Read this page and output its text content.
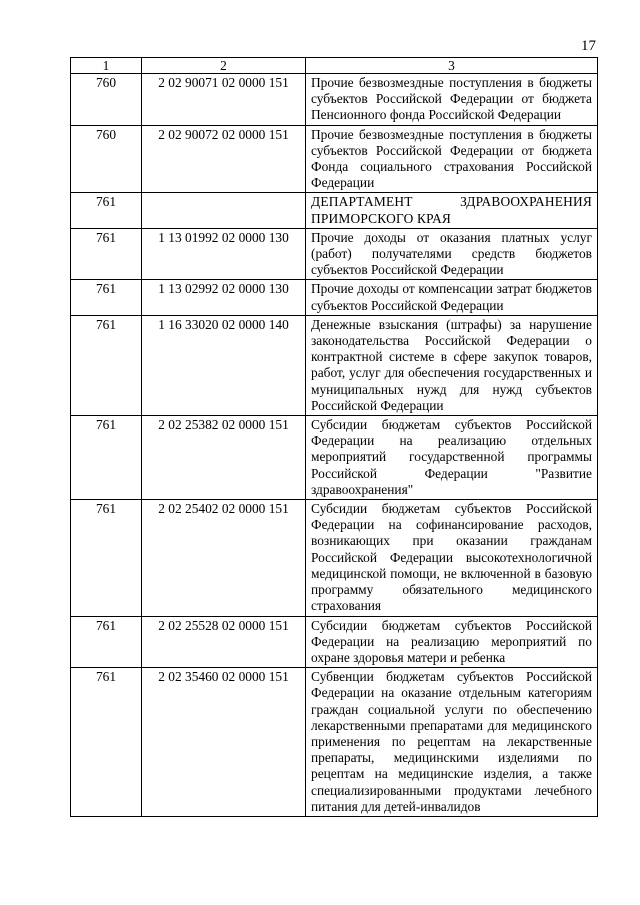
17
1	2	3
760	2 02 90071 02 0000 151	Прочие безвозмездные поступления в бюджеты субъектов Российской Федерации от бюджета Пенсионного фонда Российской Федерации
760	2 02 90072 02 0000 151	Прочие безвозмездные поступления в бюджеты субъектов Российской Федерации от бюджета Фонда социального страхования Российской Федерации
761		ДЕПАРТАМЕНТ ЗДРАВООХРАНЕНИЯ ПРИМОРСКОГО КРАЯ
761	1 13 01992 02 0000 130	Прочие доходы от оказания платных услуг (работ) получателями средств бюджетов субъектов Российской Федерации
761	1 13 02992 02 0000 130	Прочие доходы от компенсации затрат бюджетов субъектов Российской Федерации
761	1 16 33020 02 0000 140	Денежные взыскания (штрафы) за нарушение законодательства Российской Федерации о контрактной системе в сфере закупок товаров, работ, услуг для обеспечения государственных и муниципальных нужд для нужд субъектов Российской Федерации
761	2 02 25382 02 0000 151	Субсидии бюджетам субъектов Российской Федерации на реализацию отдельных мероприятий государственной программы Российской Федерации "Развитие здравоохранения"
761	2 02 25402 02 0000 151	Субсидии бюджетам субъектов Российской Федерации на софинансирование расходов, возникающих при оказании гражданам Российской Федерации высокотехнологичной медицинской помощи, не включенной в базовую программу обязательного медицинского страхования
761	2 02 25528 02 0000 151	Субсидии бюджетам субъектов Российской Федерации на реализацию мероприятий по охране здоровья матери и ребенка
761	2 02 35460 02 0000 151	Субвенции бюджетам субъектов Российской Федерации на оказание отдельным категориям граждан социальной услуги по обеспечению лекарственными препаратами для медицинского применения по рецептам на лекарственные препараты, медицинскими изделиями по рецептам на медицинские изделия, а также специализированными продуктами лечебного питания для детей-инвалидов
